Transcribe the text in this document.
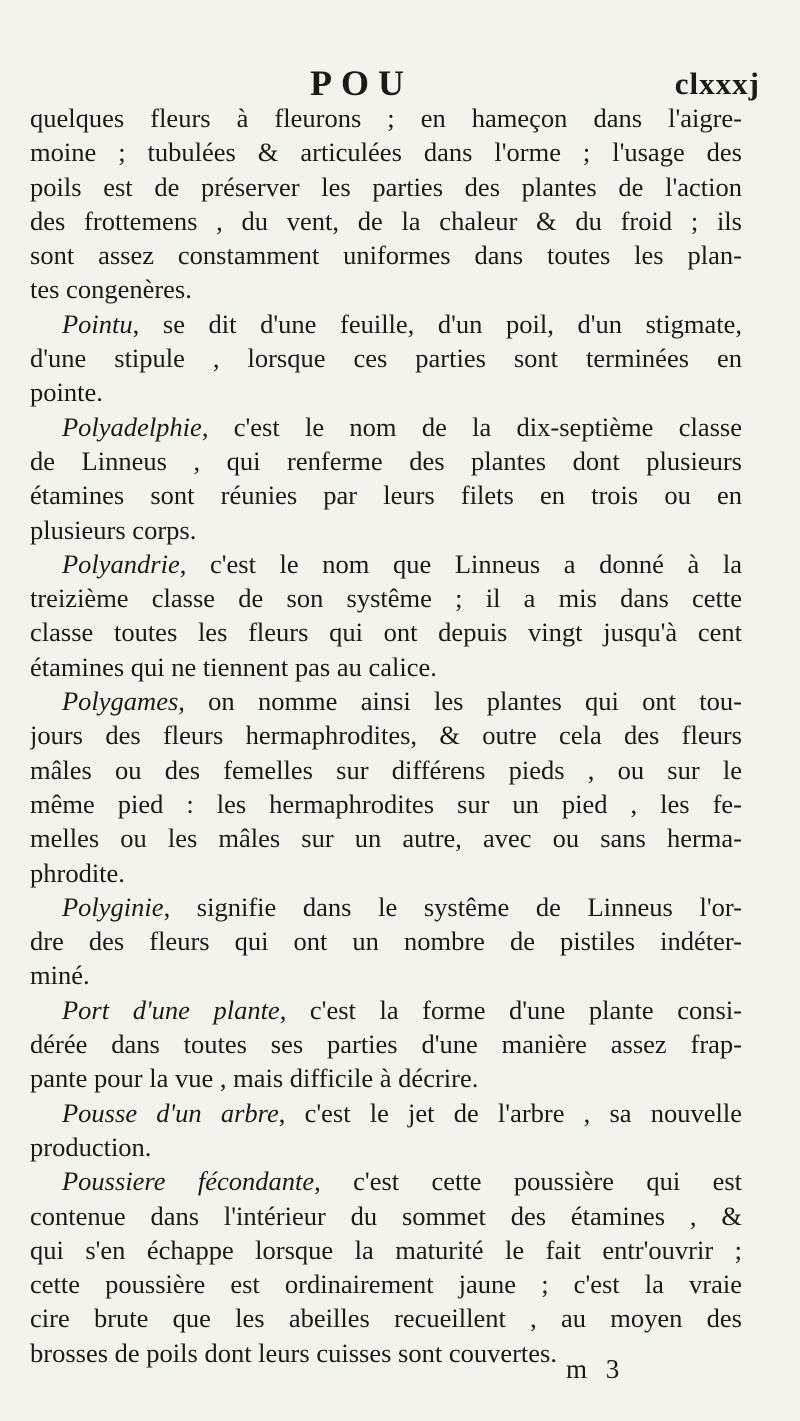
POU	clxxxj
quelques fleurs à fleurons ; en hameçon dans l'aigre-
moine ; tubulées & articulées dans l'orme ; l'usage des
poils est de préserver les parties des plantes de l'action
des frottemens , du vent, de la chaleur & du froid ; ils
sont assez constamment uniformes dans toutes les plan-
tes congenères.
Pointu, se dit d'une feuille, d'un poil, d'un stigmate,
d'une stipule , lorsque ces parties sont terminées en
pointe.
Polyadelphie, c'est le nom de la dix-septième classe
de Linneus , qui renferme des plantes dont plusieurs
étamines sont réunies par leurs filets en trois ou en
plusieurs corps.
Polyandrie, c'est le nom que Linneus a donné à la
treizième classe de son systême ; il a mis dans cette
classe toutes les fleurs qui ont depuis vingt jusqu'à cent
étamines qui ne tiennent pas au calice.
Polygames, on nomme ainsi les plantes qui ont tou-
jours des fleurs hermaphrodites, & outre cela des fleurs
mâles ou des femelles sur différens pieds , ou sur le
même pied : les hermaphrodites sur un pied , les fe-
melles ou les mâles sur un autre, avec ou sans herma-
phrodite.
Polyginie, signifie dans le systême de Linneus l'or-
dre des fleurs qui ont un nombre de pistiles indéter-
miné.
Port d'une plante, c'est la forme d'une plante consi-
dérée dans toutes ses parties d'une manière assez frap-
pante pour la vue , mais difficile à décrire.
Pousse d'un arbre, c'est le jet de l'arbre , sa nouvelle
production.
Poussiere fécondante, c'est cette poussière qui est
contenue dans l'intérieur du sommet des étamines , &
qui s'en échappe lorsque la maturité le fait entr'ouvrir ;
cette poussière est ordinairement jaune ; c'est la vraie
cire brute que les abeilles recueillent , au moyen des
brosses de poils dont leurs cuisses sont couvertes.
m 3
